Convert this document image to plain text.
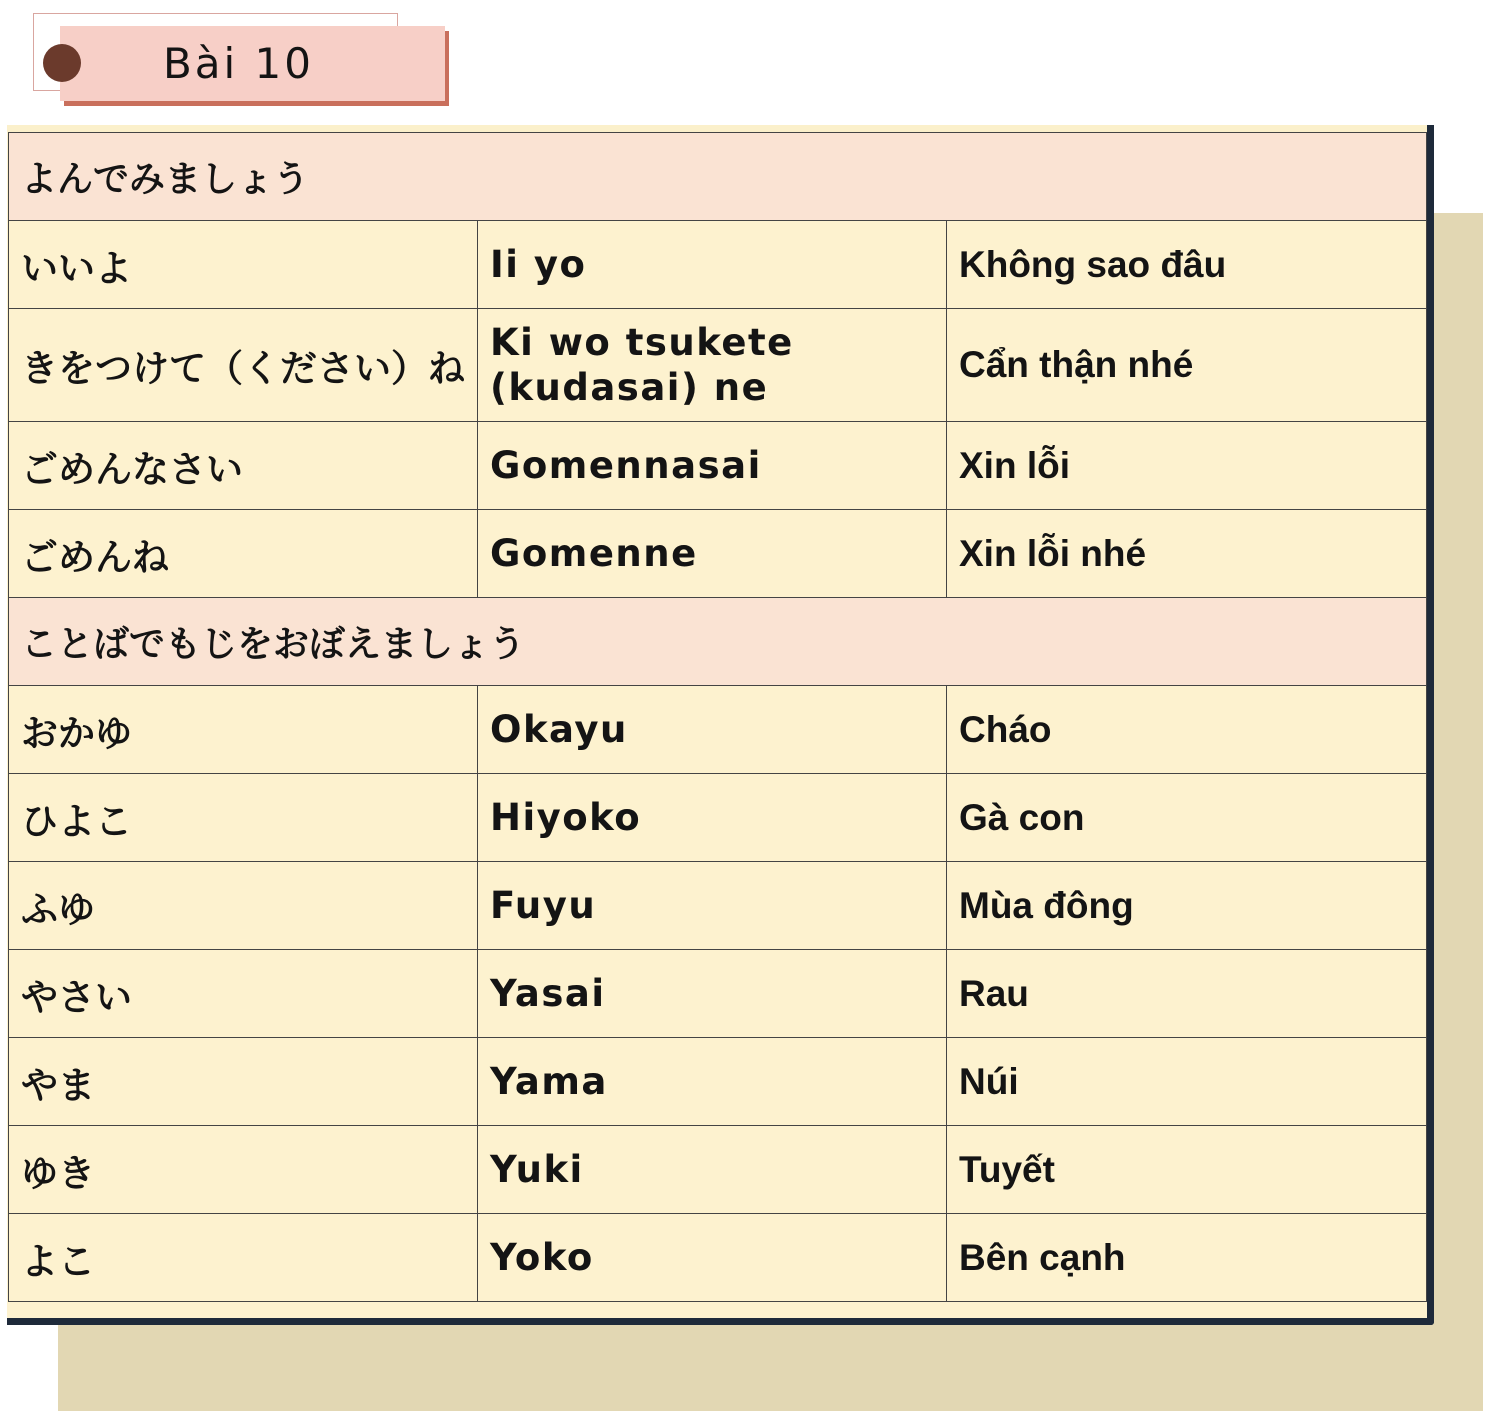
Bài 10
よんでみましょう		
いいよ	Ii yo	Không sao đâu
きをつけて（ください）ね	Ki wo tsukete (kudasai) ne	Cẩn thận nhé
ごめんなさい	Gomennasai	Xin lỗi
ごめんね	Gomenne	Xin lỗi nhé
ことばでもじをおぼえましょう		
おかゆ	Okayu	Cháo
ひよこ	Hiyoko	Gà con
ふゆ	Fuyu	Mùa đông
やさい	Yasai	Rau
やま	Yama	Núi
ゆき	Yuki	Tuyết
よこ	Yoko	Bên cạnh
